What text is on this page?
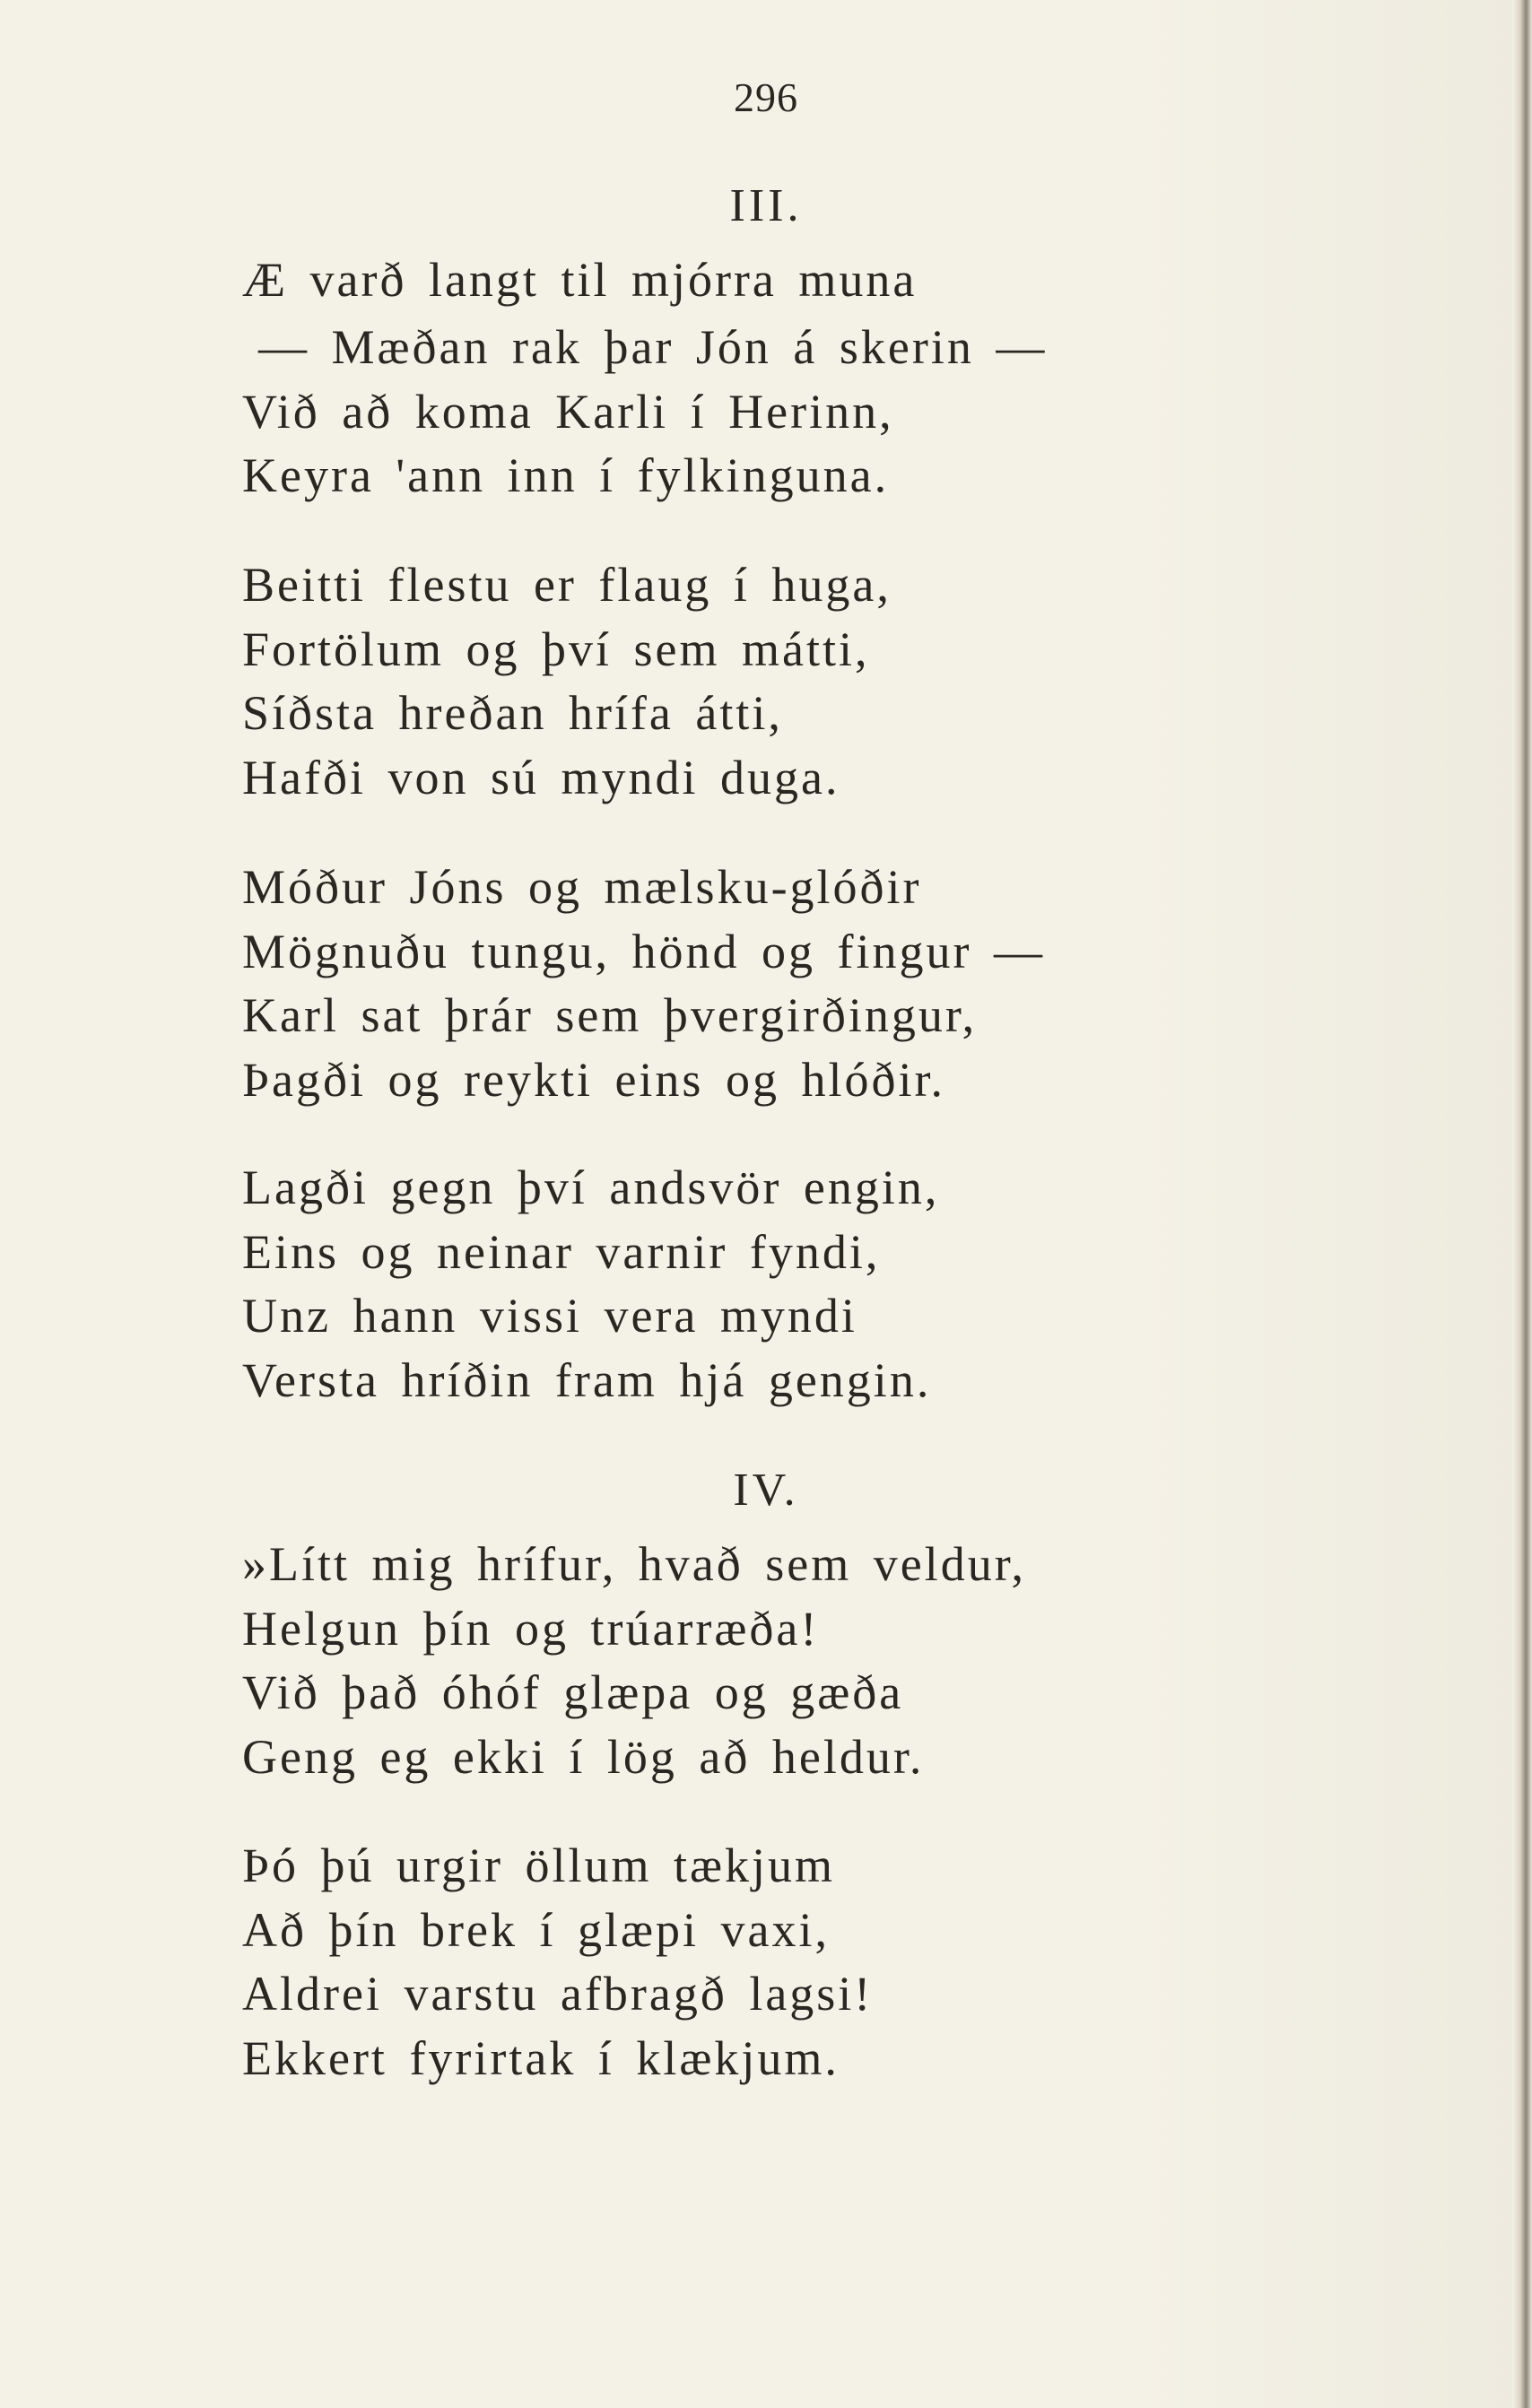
296
III.
Æ varð langt til mjórra muna
— Mæðan rak þar Jón á skerin —
Við að koma Karli í Herinn,
Keyra 'ann inn í fylkinguna.
Beitti flestu er flaug í huga,
Fortölum og því sem mátti,
Síðsta hreðan hrífa átti,
Hafði von sú myndi duga.
Móður Jóns og mælsku-glóðir
Mögnuðu tungu, hönd og fingur —
Karl sat þrár sem þvergirðingur,
Þagði og reykti eins og hlóðir.
Lagði gegn því andsvör engin,
Eins og neinar varnir fyndi,
Unz hann vissi vera myndi
Versta hríðin fram hjá gengin.
IV.
»Lítt mig hrífur, hvað sem veldur,
Helgun þín og trúarræða!
Við það óhóf glæpa og gæða
Geng eg ekki í lög að heldur.
Þó þú urgir öllum tækjum
Að þín brek í glæpi vaxi,
Aldrei varstu afbragð lagsi!
Ekkert fyrirtak í klækjum.
